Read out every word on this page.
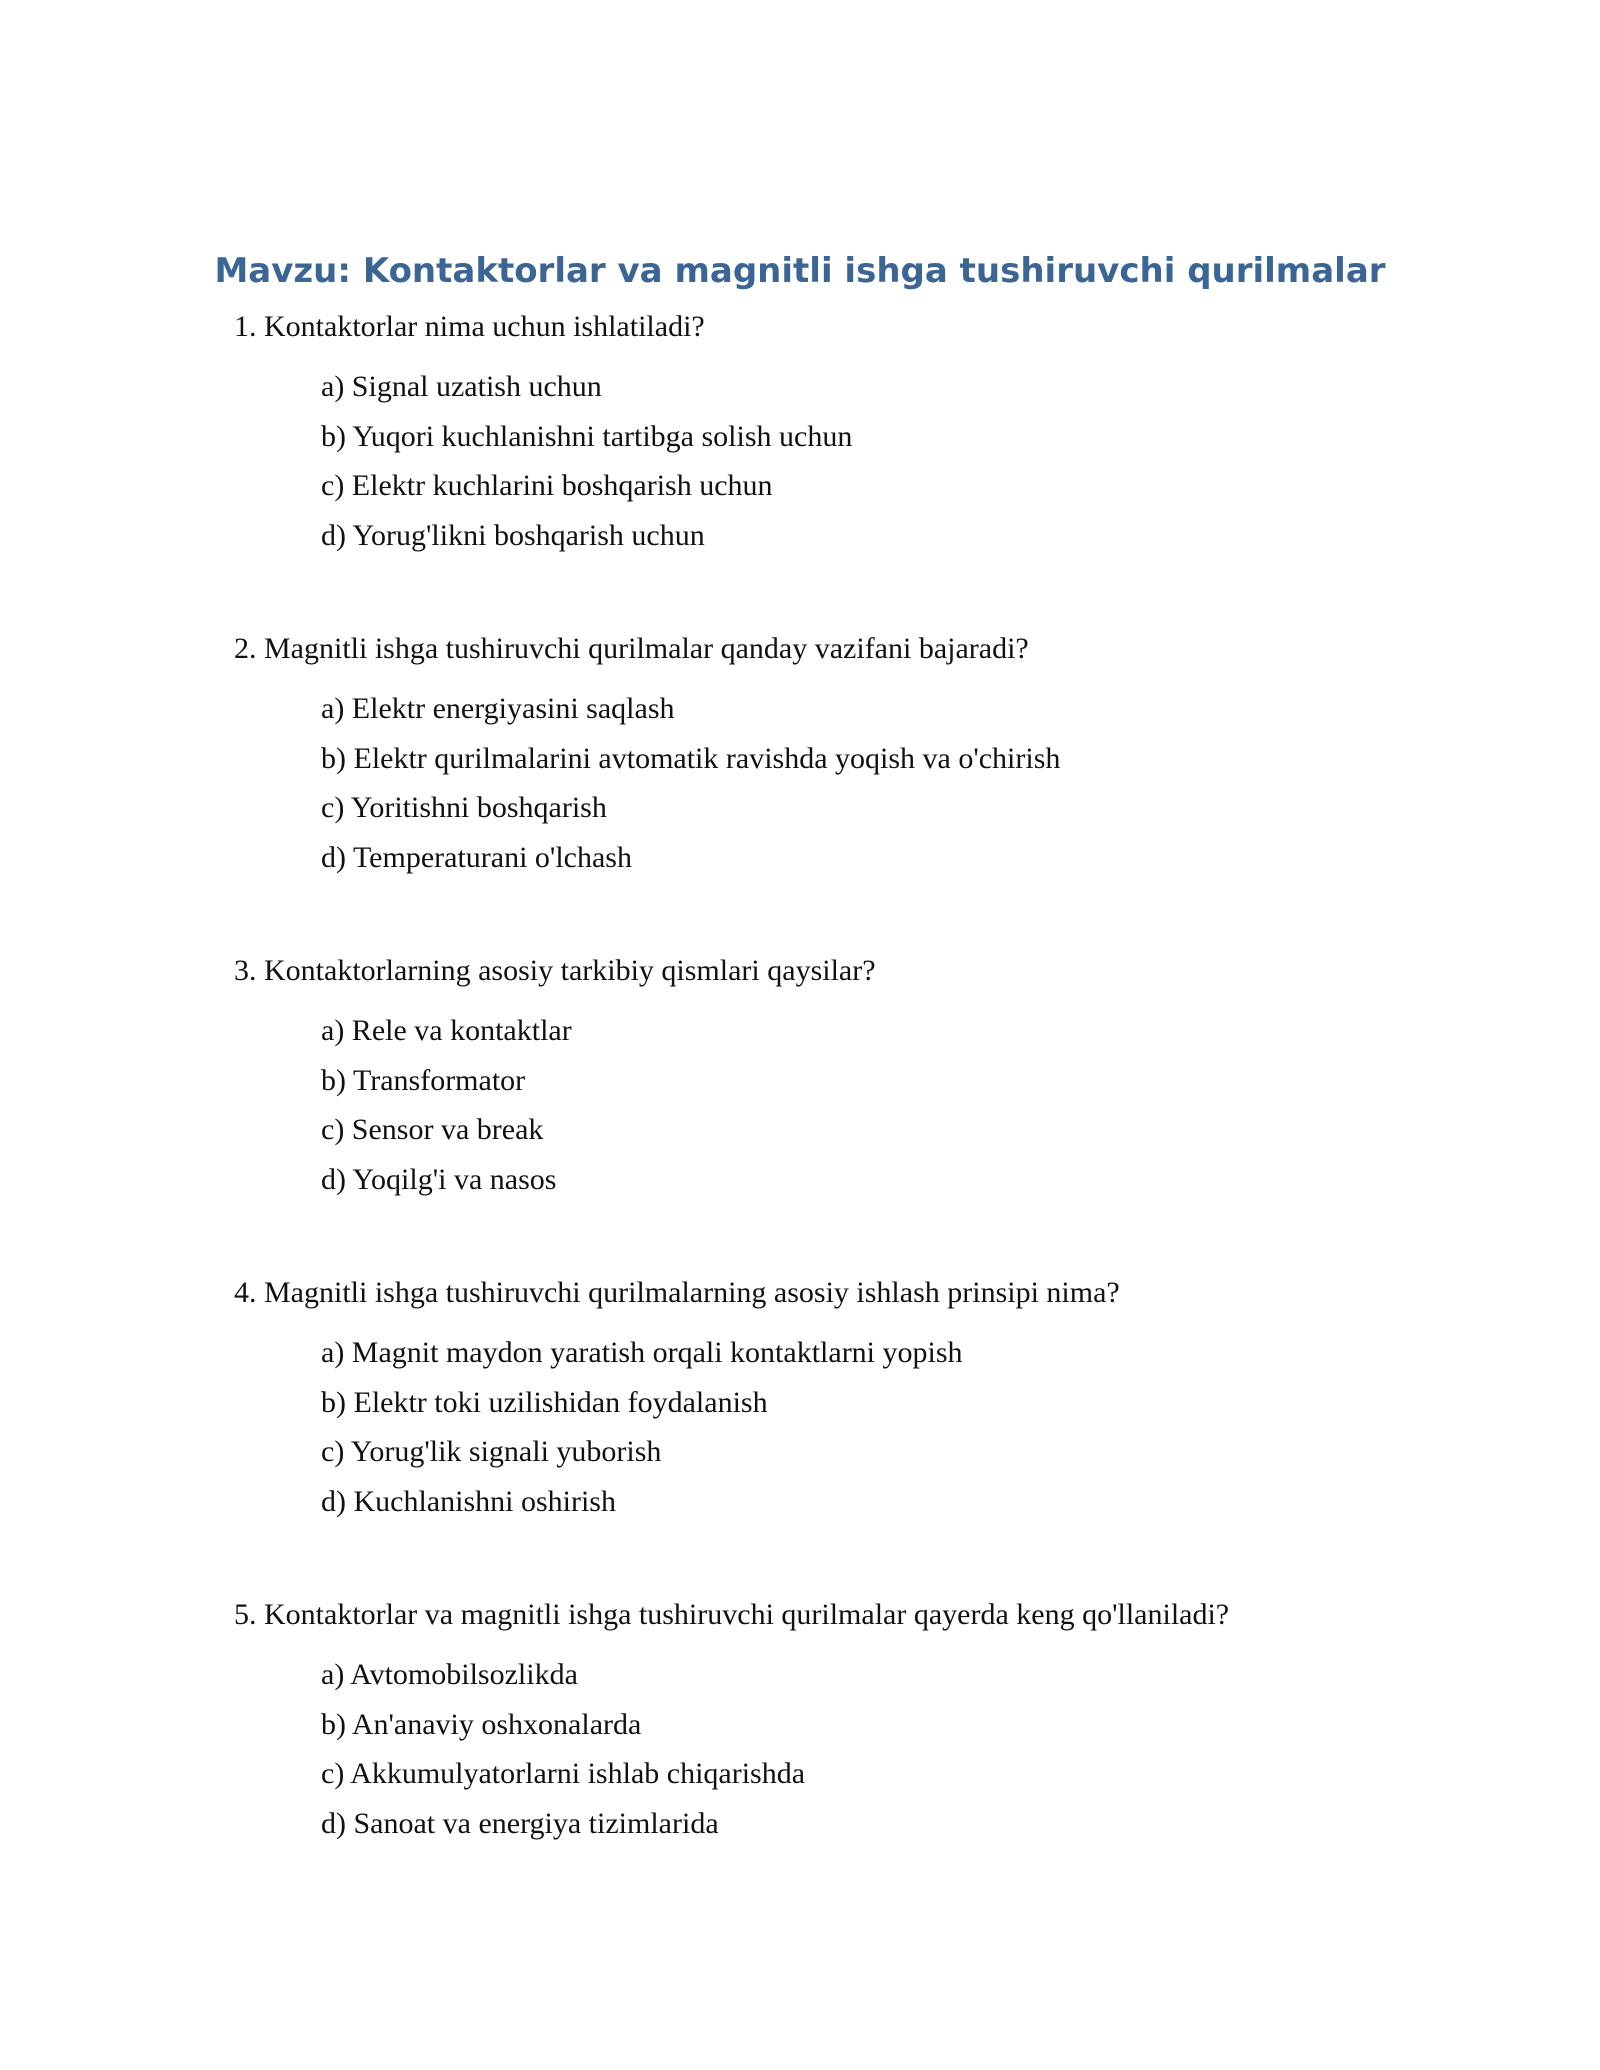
Mavzu: Kontaktorlar va magnitli ishga tushiruvchi qurilmalar

1. Kontaktorlar nima uchun ishlatiladi?

a) Signal uzatish uchun
b) Yuqori kuchlanishni tartibga solish uchun
c) Elektr kuchlarini boshqarish uchun
d) Yorug'likni boshqarish uchun

2. Magnitli ishga tushiruvchi qurilmalar qanday vazifani bajaradi?

a) Elektr energiyasini saqlash
b) Elektr qurilmalarini avtomatik ravishda yoqish va o'chirish
c) Yoritishni boshqarish
d) Temperaturani o'lchash

3. Kontaktorlarning asosiy tarkibiy qismlari qaysilar?

a) Rele va kontaktlar
b) Transformator
c) Sensor va break
d) Yoqilg'i va nasos

4. Magnitli ishga tushiruvchi qurilmalarning asosiy ishlash prinsipi nima?

a) Magnit maydon yaratish orqali kontaktlarni yopish
b) Elektr toki uzilishidan foydalanish
c) Yorug'lik signali yuborish
d) Kuchlanishni oshirish

5. Kontaktorlar va magnitli ishga tushiruvchi qurilmalar qayerda keng qo'llaniladi?

a) Avtomobilsozlikda
b) An'anaviy oshxonalarda
c) Akkumulyatorlarni ishlab chiqarishda
d) Sanoat va energiya tizimlarida
